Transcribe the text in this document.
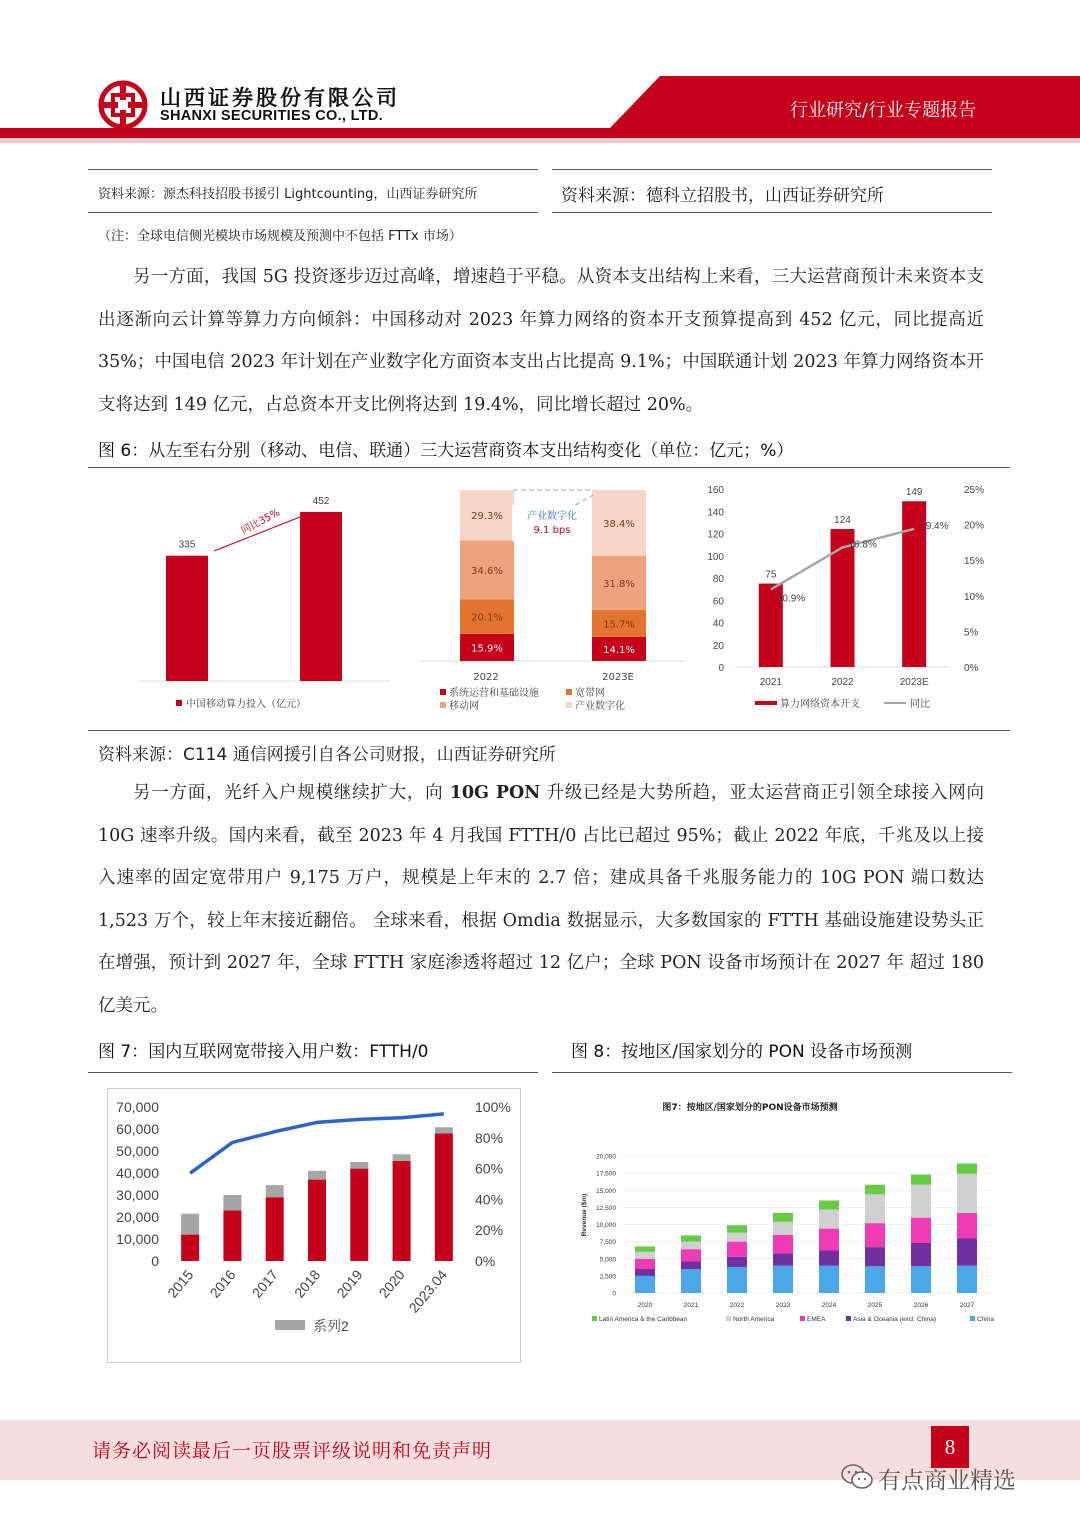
山西证券股份有限公司
SHANXI SECURITIES CO., LTD.	行业研究/行业专题报告
资料来源：源杰科技招股书援引 Lightcounting，山西证券研究所	资料来源：德科立招股书，山西证券研究所
（注：全球电信侧光模块市场规模及预测中不包括 FTTx 市场）

另一方面，我国 5G 投资逐步迈过高峰，增速趋于平稳。从资本支出结构上来看，三大运营商预计未来资本支出逐渐向云计算等算力方向倾斜：中国移动对 2023 年算力网络的资本开支预算提高到 452 亿元，同比提高近 35%；中国电信 2023 年计划在产业数字化方面资本支出占比提高 9.1%；中国联通计划 2023 年算力网络资本开支将达到 149 亿元，占总资本开支比例将达到 19.4%，同比增长超过 20%。

图 6：从左至右分别（移动、电信、联通）三大运营商资本支出结构变化（单位：亿元；%）
335
452
同比35%
中国移动算力投入（亿元）
15.9%
20.1%
34.6%
29.3%
14.1%
15.7%
31.8%
38.4%
产业数字化
9.1 bps
2022	2023E
系统运营和基础设施	宽带网
移动网	产业数字化
0
20
40
60
80
100
120
140
160
0%
5%
10%
15%
20%
25%
75
2021
124
2022
149
2023E
10.9%
16.8%
19.4%
算力网络资本开支	同比
资料来源：C114 通信网援引自各公司财报，山西证券研究所

另一方面，光纤入户规模继续扩大，向 10G PON 升级已经是大势所趋，亚太运营商正引领全球接入网向 10G 速率升级。国内来看，截至 2023 年 4 月我国 FTTH/0 占比已超过 95%；截止 2022 年底，千兆及以上接入速率的固定宽带用户 9,175 万户，规模是上年末的 2.7 倍；建成具备千兆服务能力的 10G PON 端口数达 1,523 万个，较上年末接近翻倍。 全球来看，根据 Omdia 数据显示，大多数国家的 FTTH 基础设施建设势头正在增强，预计到 2027 年，全球 FTTH 家庭渗透将超过 12 亿户；全球 PON 设备市场预计在 2027 年 超过 180 亿美元。

图 7：国内互联网宽带接入用户数：FTTH/0	图 8：按地区/国家划分的 PON 设备市场预测
70,000
60,000
50,000
40,000
30,000
20,000
10,000
0
100%
80%
60%
40%
20%
0%
2015 2016 2017 2018 2019 2020
2023.04
系列2
图7：按地区/国家划分的PON设备市场预测
Revenue ($m)
20,000
17,500
15,000
12,500
10,000
7,500
5,000
2,500
0
2020	2021	2022	2023	2024	2025	2026	2027
Latin America & the Caribbean	North America	EMEA	Asia & Oceania (excl. China)	China
请务必阅读最后一页股票评级说明和免责声明	8
有点商业精选
